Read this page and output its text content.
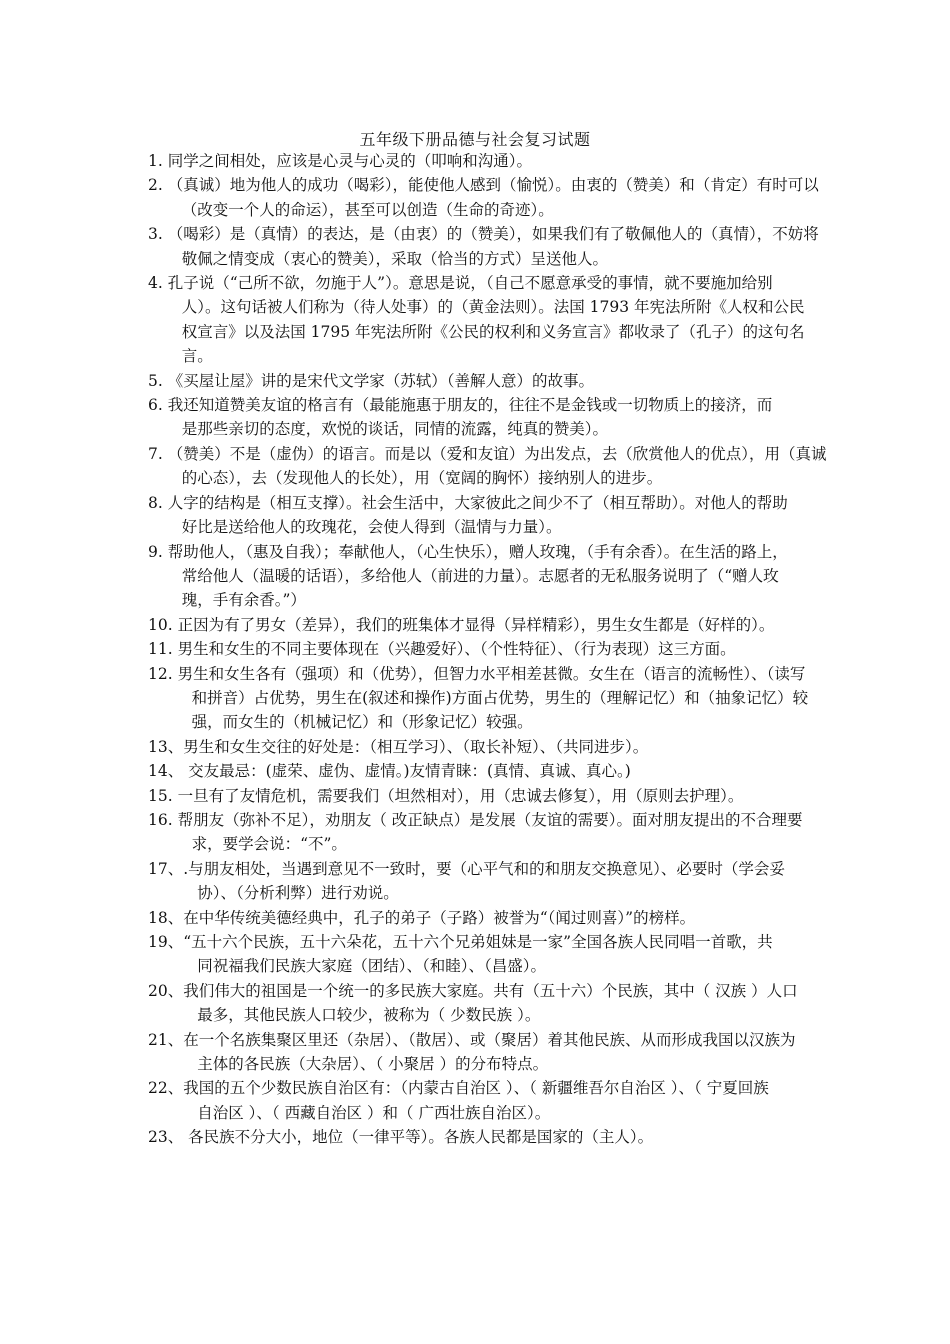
五年级下册品德与社会复习试题
1. 同学之间相处，应该是心灵与心灵的（叩响和沟通）。
2. （真诚）地为他人的成功（喝彩），能使他人感到（愉悦）。由衷的（赞美）和（肯定）有时可以
（改变一个人的命运），甚至可以创造（生命的奇迹）。
3. （喝彩）是（真情）的表达，是（由衷）的（赞美），如果我们有了敬佩他人的（真情），不妨将
敬佩之情变成（衷心的赞美），采取（恰当的方式）呈送他人。
4. 孔子说（“己所不欲，勿施于人”）。意思是说，（自己不愿意承受的事情，就不要施加给别
人）。这句话被人们称为（待人处事）的（黄金法则）。法国 1793 年宪法所附《人权和公民
权宣言》以及法国 1795 年宪法所附《公民的权利和义务宣言》都收录了（孔子）的这句名
言。
5. 《买屋让屋》讲的是宋代文学家（苏轼）（善解人意）的故事。
6. 我还知道赞美友谊的格言有（最能施惠于朋友的，往往不是金钱或一切物质上的接济，而
是那些亲切的态度，欢悦的谈话，同情的流露，纯真的赞美）。
7. （赞美）不是（虚伪）的语言。而是以（爱和友谊）为出发点，去（欣赏他人的优点），用（真诚
的心态），去（发现他人的长处），用（宽阔的胸怀）接纳别人的进步。
8. 人字的结构是（相互支撑）。社会生活中，大家彼此之间少不了（相互帮助）。对他人的帮助
好比是送给他人的玫瑰花，会使人得到（温情与力量）。
9. 帮助他人，（惠及自我）；奉献他人，（心生快乐），赠人玫瑰，（手有余香）。在生活的路上，
常给他人（温暖的话语），多给他人（前进的力量）。志愿者的无私服务说明了（“赠人玫
瑰，手有余香。”）
10. 正因为有了男女（差异），我们的班集体才显得（异样精彩），男生女生都是（好样的）。
11. 男生和女生的不同主要体现在（兴趣爱好）、（个性特征）、（行为表现）这三方面。
12. 男生和女生各有（强项）和（优势），但智力水平相差甚微。女生在（语言的流畅性）、（读写
和拼音）占优势，男生在(叙述和操作)方面占优势，男生的（理解记忆）和（抽象记忆）较
强，而女生的（机械记忆）和（形象记忆）较强。
13、 男生和女生交往的好处是：（相互学习）、（取长补短）、（共同进步）。
14、 交友最忌：(虚荣、虚伪、虚情。)友情青睐：(真情、真诚、真心。)
15. 一旦有了友情危机，需要我们（坦然相对），用（忠诚去修复），用（原则去护理）。
16. 帮朋友（弥补不足），劝朋友（ 改正缺点）是发展（友谊的需要）。面对朋友提出的不合理要
求，要学会说：“不”。
17、 .与朋友相处，当遇到意见不一致时，要（心平气和的和朋友交换意见）、必要时（学会妥
协）、（分析利弊）进行劝说。
18、 在中华传统美德经典中，孔子的弟子（子路）被誉为“（闻过则喜）”的榜样。
19、 “五十六个民族，五十六朵花，五十六个兄弟姐妹是一家”全国各族人民同唱一首歌，共
同祝福我们民族大家庭（团结）、（和睦）、（昌盛）。
20、 我们伟大的祖国是一个统一的多民族大家庭。共有（五十六）个民族，其中（ 汉族 ）人口
最多，其他民族人口较少，被称为（ 少数民族 ）。
21、 在一个名族集聚区里还（杂居）、（散居）、或（聚居）着其他民族、从而形成我国以汉族为
主体的各民族（大杂居）、（ 小聚居 ）的分布特点。
22、 我国的五个少数民族自治区有：（内蒙古自治区 ）、（ 新疆维吾尔自治区 ）、（ 宁夏回族
自治区 ）、（ 西藏自治区 ）和（ 广西壮族自治区）。
23、 各民族不分大小，地位（一律平等）。各族人民都是国家的（主人）。
